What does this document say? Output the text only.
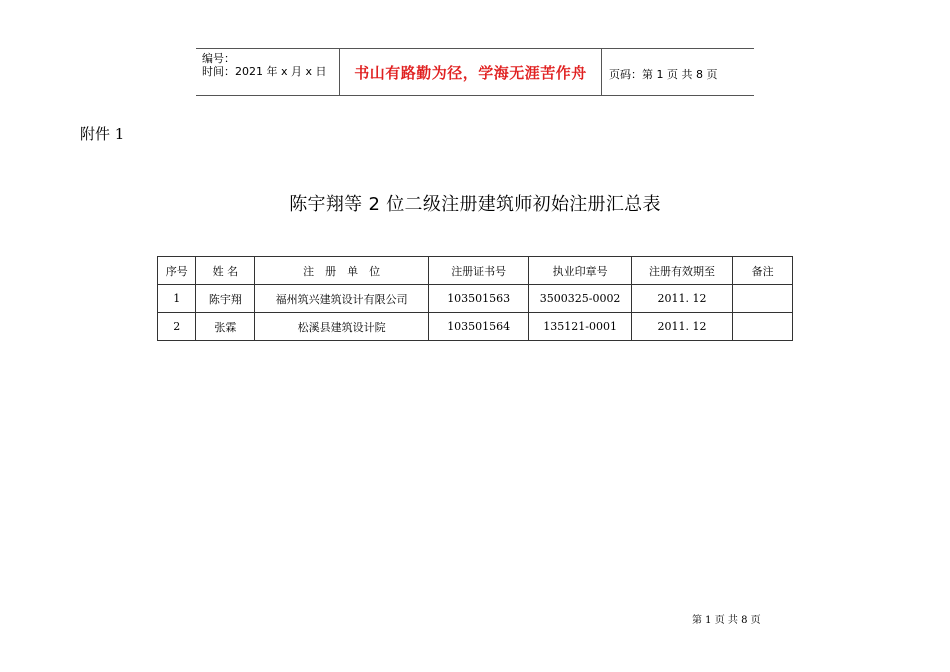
编号：
时间：2021 年 x 月 x 日	书山有路勤为径，学海无涯苦作舟	页码：第 1 页 共 8 页
附件 1
陈宇翔等 2 位二级注册建筑师初始注册汇总表
序号	姓 名	注　册　单　位	注册证书号	执业印章号	注册有效期至	备注
1	陈宇翔	福州筑兴建筑设计有限公司	103501563	3500325-0002	2011. 12	
2	张霖	松溪县建筑设计院	103501564	135121-0001	2011. 12	
第 1 页 共 8 页
